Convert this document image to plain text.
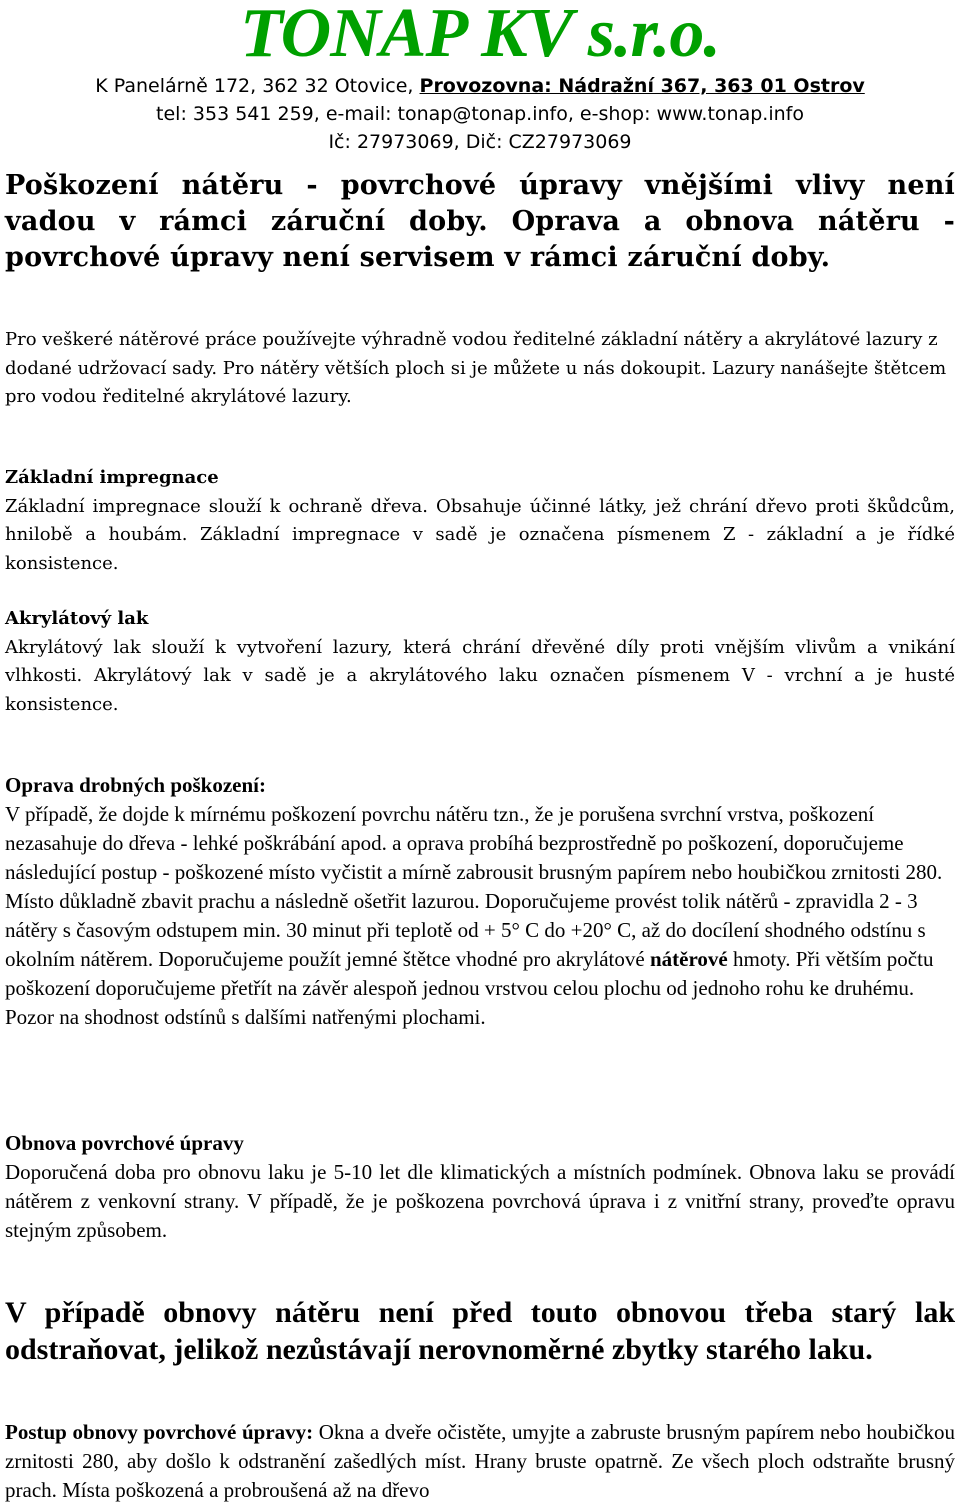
TONAP KV s.r.o.
K Panelárně 172, 362 32 Otovice, Provozovna: Nádražní 367, 363 01 Ostrov
tel: 353 541 259, e-mail: tonap@tonap.info, e-shop: www.tonap.info
Ič: 27973069, Dič: CZ27973069
Poškození nátěru - povrchové úpravy vnějšími vlivy není vadou v rámci záruční doby. Oprava a obnova nátěru - povrchové úpravy není servisem v rámci záruční doby.
Pro veškeré nátěrové práce používejte výhradně vodou ředitelné základní nátěry a akrylátové lazury z dodané udržovací sady. Pro nátěry větších ploch si je můžete u nás dokoupit. Lazury nanášejte štětcem pro vodou ředitelné akrylátové lazury.
Základní impregnace

Základní impregnace slouží k ochraně dřeva. Obsahuje účinné látky, jež chrání dřevo proti škůdcům, hnilobě a houbám. Základní impregnace v sadě je označena písmenem Z - základní a je řídké konsistence.

Akrylátový lak

Akrylátový lak slouží k vytvoření lazury, která chrání dřevěné díly proti vnějším vlivům a vnikání vlhkosti. Akrylátový lak v sadě je a akrylátového laku označen písmenem V - vrchní a je husté konsistence.

Oprava drobných poškození:

V případě, že dojde k mírnému poškození povrchu nátěru tzn., že je porušena svrchní vrstva, poškození nezasahuje do dřeva - lehké poškrábání apod. a oprava probíhá bezprostředně po poškození, doporučujeme následující postup - poškozené místo vyčistit a mírně zabrousit brusným papírem nebo houbičkou zrnitosti 280. Místo důkladně zbavit prachu a následně ošetřit lazurou. Doporučujeme provést tolik nátěrů - zpravidla 2 - 3 nátěry s časovým odstupem min. 30 minut při teplotě od + 5° C do +20° C, až do docílení shodného odstínu s okolním nátěrem. Doporučujeme použít jemné štětce vhodné pro akrylátové nátěrové hmoty. Při větším počtu poškození doporučujeme přetřít na závěr alespoň jednou vrstvou celou plochu od jednoho rohu ke druhému. Pozor na shodnost odstínů s dalšími natřenými plochami.

Obnova povrchové úpravy

Doporučená doba pro obnovu laku je 5-10 let dle klimatických a místních podmínek. Obnova laku se provádí nátěrem z venkovní strany. V případě, že je poškozena povrchová úprava i z vnitřní strany, proveďte opravu stejným způsobem.

V případě obnovy nátěru není před touto obnovou třeba starý lak odstraňovat, jelikož nezůstávají nerovnoměrné zbytky starého laku.
Postup obnovy povrchové úpravy: Okna a dveře očistěte, umyjte a zabruste brusným papírem nebo houbičkou zrnitosti 280, aby došlo k odstranění zašedlých míst. Hrany bruste opatrně. Ze všech ploch odstraňte brusný prach. Místa poškozená a probroušená až na dřevo
